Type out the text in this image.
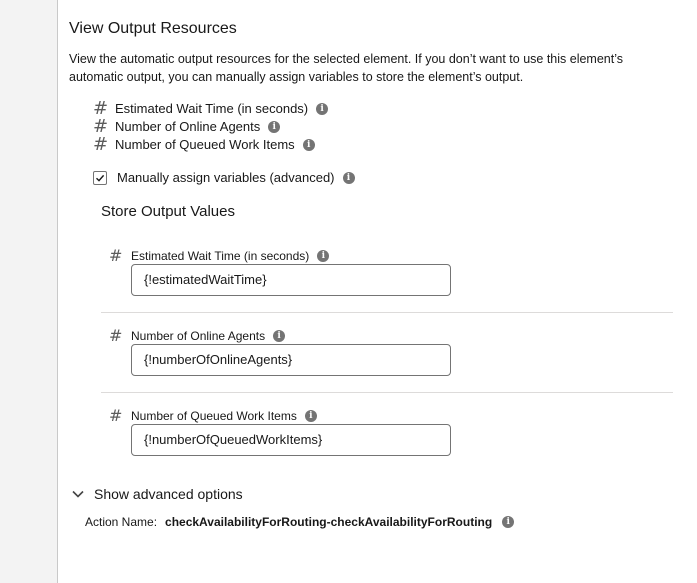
View Output Resources
View the automatic output resources for the selected element. If you don’t want to use this element’s automatic output, you can manually assign variables to store the element’s output.
# Estimated Wait Time (in seconds)	i
# Number of Online Agents	i
# Number of Queued Work Items	i
Manually assign variables (advanced)	i
Store Output Values
# Estimated Wait Time (in seconds)	i
{!estimatedWaitTime}
# Number of Online Agents	i
{!numberOfOnlineAgents}
# Number of Queued Work Items	i
{!numberOfQueuedWorkItems}
Show advanced options
Action Name: checkAvailabilityForRouting-checkAvailabilityForRouting	i
